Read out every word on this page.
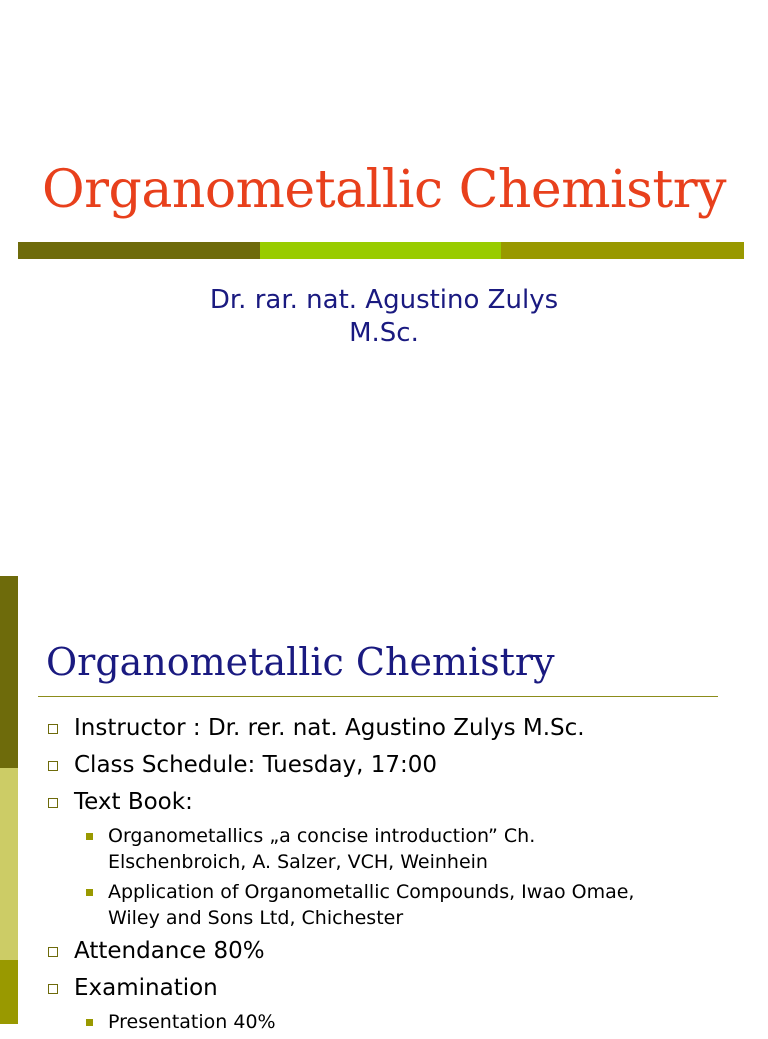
Organometallic Chemistry
Dr. rar. nat. Agustino Zulys
M.Sc.
Organometallic Chemistry
Instructor : Dr. rer. nat. Agustino Zulys M.Sc.
Class Schedule: Tuesday, 17:00
Text Book:
Organometallics „a concise introduction” Ch.
Elschenbroich, A. Salzer, VCH, Weinhein
Application of Organometallic Compounds, Iwao Omae,
Wiley and Sons Ltd, Chichester
Attendance 80%
Examination
Presentation 40%
